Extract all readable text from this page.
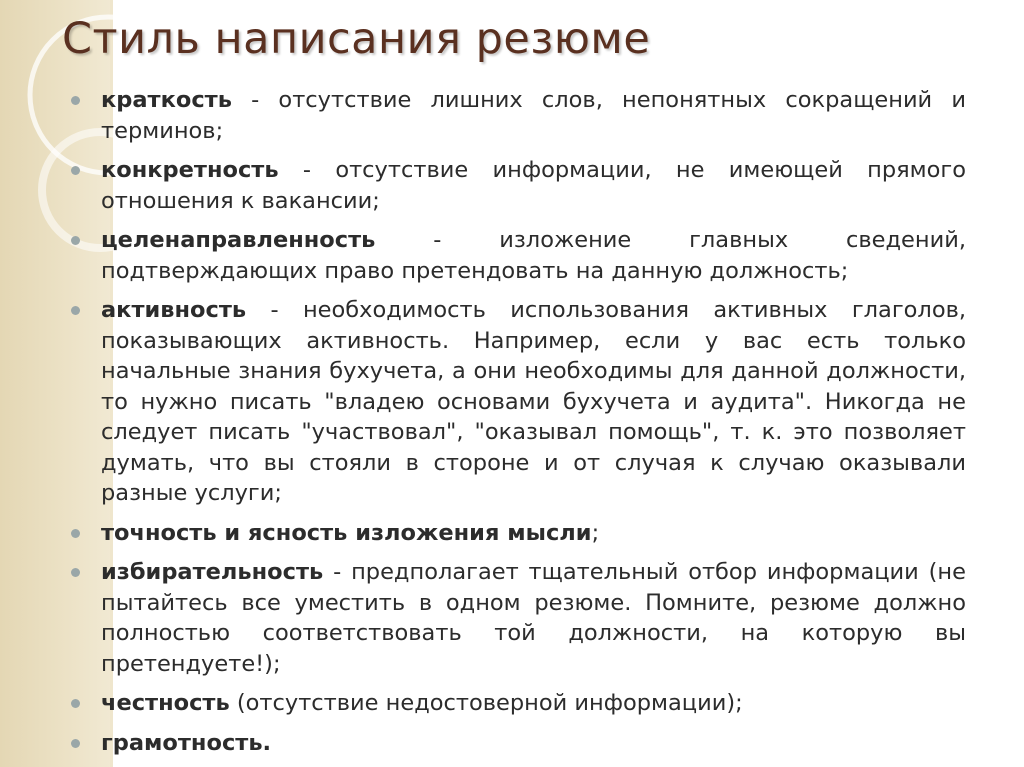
Стиль написания резюме
краткость - отсутствие лишних слов, непонятных сокращений и терминов;
конкретность - отсутствие информации, не имеющей прямого отношения к вакансии;
целенаправленность - изложение главных сведений, подтверждающих право претендовать на данную должность;
активность - необходимость использования активных глаголов, показывающих активность. Например, если у вас есть только начальные знания бухучета, а они необходимы для данной должности, то нужно писать "владею основами бухучета и аудита". Никогда не следует писать "участвовал", "оказывал помощь", т. к. это позволяет думать, что вы стояли в стороне и от случая к случаю оказывали разные услуги;
точность и ясность изложения мысли;
избирательность - предполагает тщательный отбор информации (не пытайтесь все уместить в одном резюме. Помните, резюме должно полностью соответствовать той должности, на которую вы претендуете!);
честность (отсутствие недостоверной информации);
грамотность.
